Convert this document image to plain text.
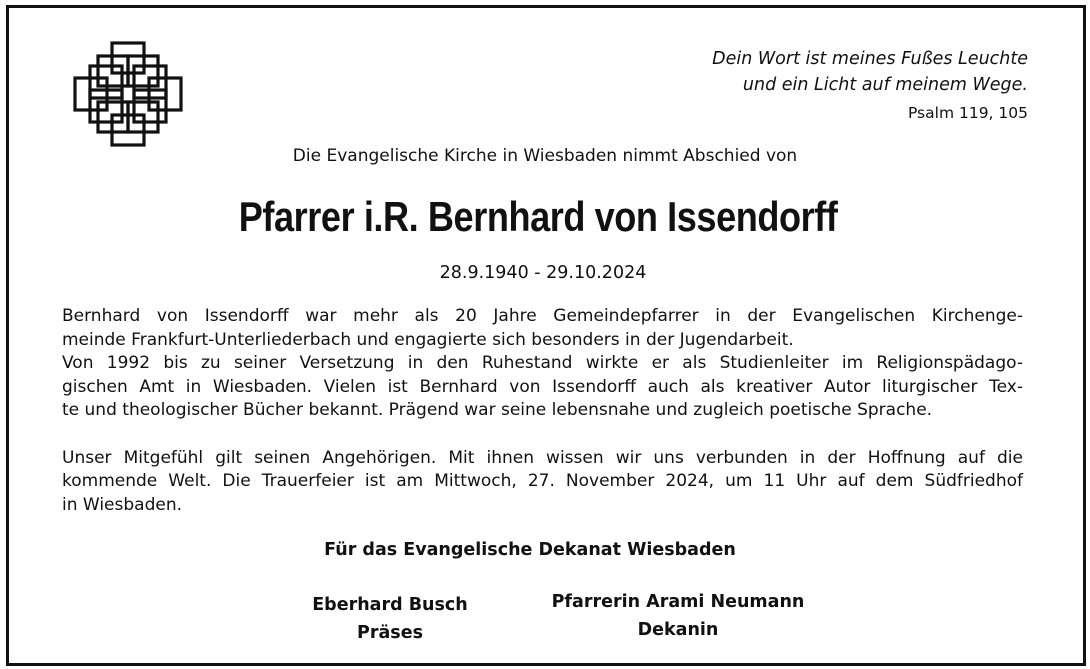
Dein Wort ist meines Fußes Leuchte
und ein Licht auf meinem Wege.
Psalm 119, 105
Die Evangelische Kirche in Wiesbaden nimmt Abschied von
Pfarrer i.R. Bernhard von Issendorff
28.9.1940 - 29.10.2024
Bernhard von Issendorff war mehr als 20 Jahre Gemeindepfarrer in der Evangelischen Kirchenge-
meinde Frankfurt-Unterliederbach und engagierte sich besonders in der Jugendarbeit.
Von 1992 bis zu seiner Versetzung in den Ruhestand wirkte er als Studienleiter im Religionspädago-
gischen Amt in Wiesbaden. Vielen ist Bernhard von Issendorff auch als kreativer Autor liturgischer Tex-
te und theologischer Bücher bekannt. Prägend war seine lebensnahe und zugleich poetische Sprache.
Unser Mitgefühl gilt seinen Angehörigen. Mit ihnen wissen wir uns verbunden in der Hoffnung auf die
kommende Welt. Die Trauerfeier ist am Mittwoch, 27. November 2024, um 11 Uhr auf dem Südfriedhof
in Wiesbaden.
Für das Evangelische Dekanat Wiesbaden
Eberhard Busch
Präses
Pfarrerin Arami Neumann
Dekanin
